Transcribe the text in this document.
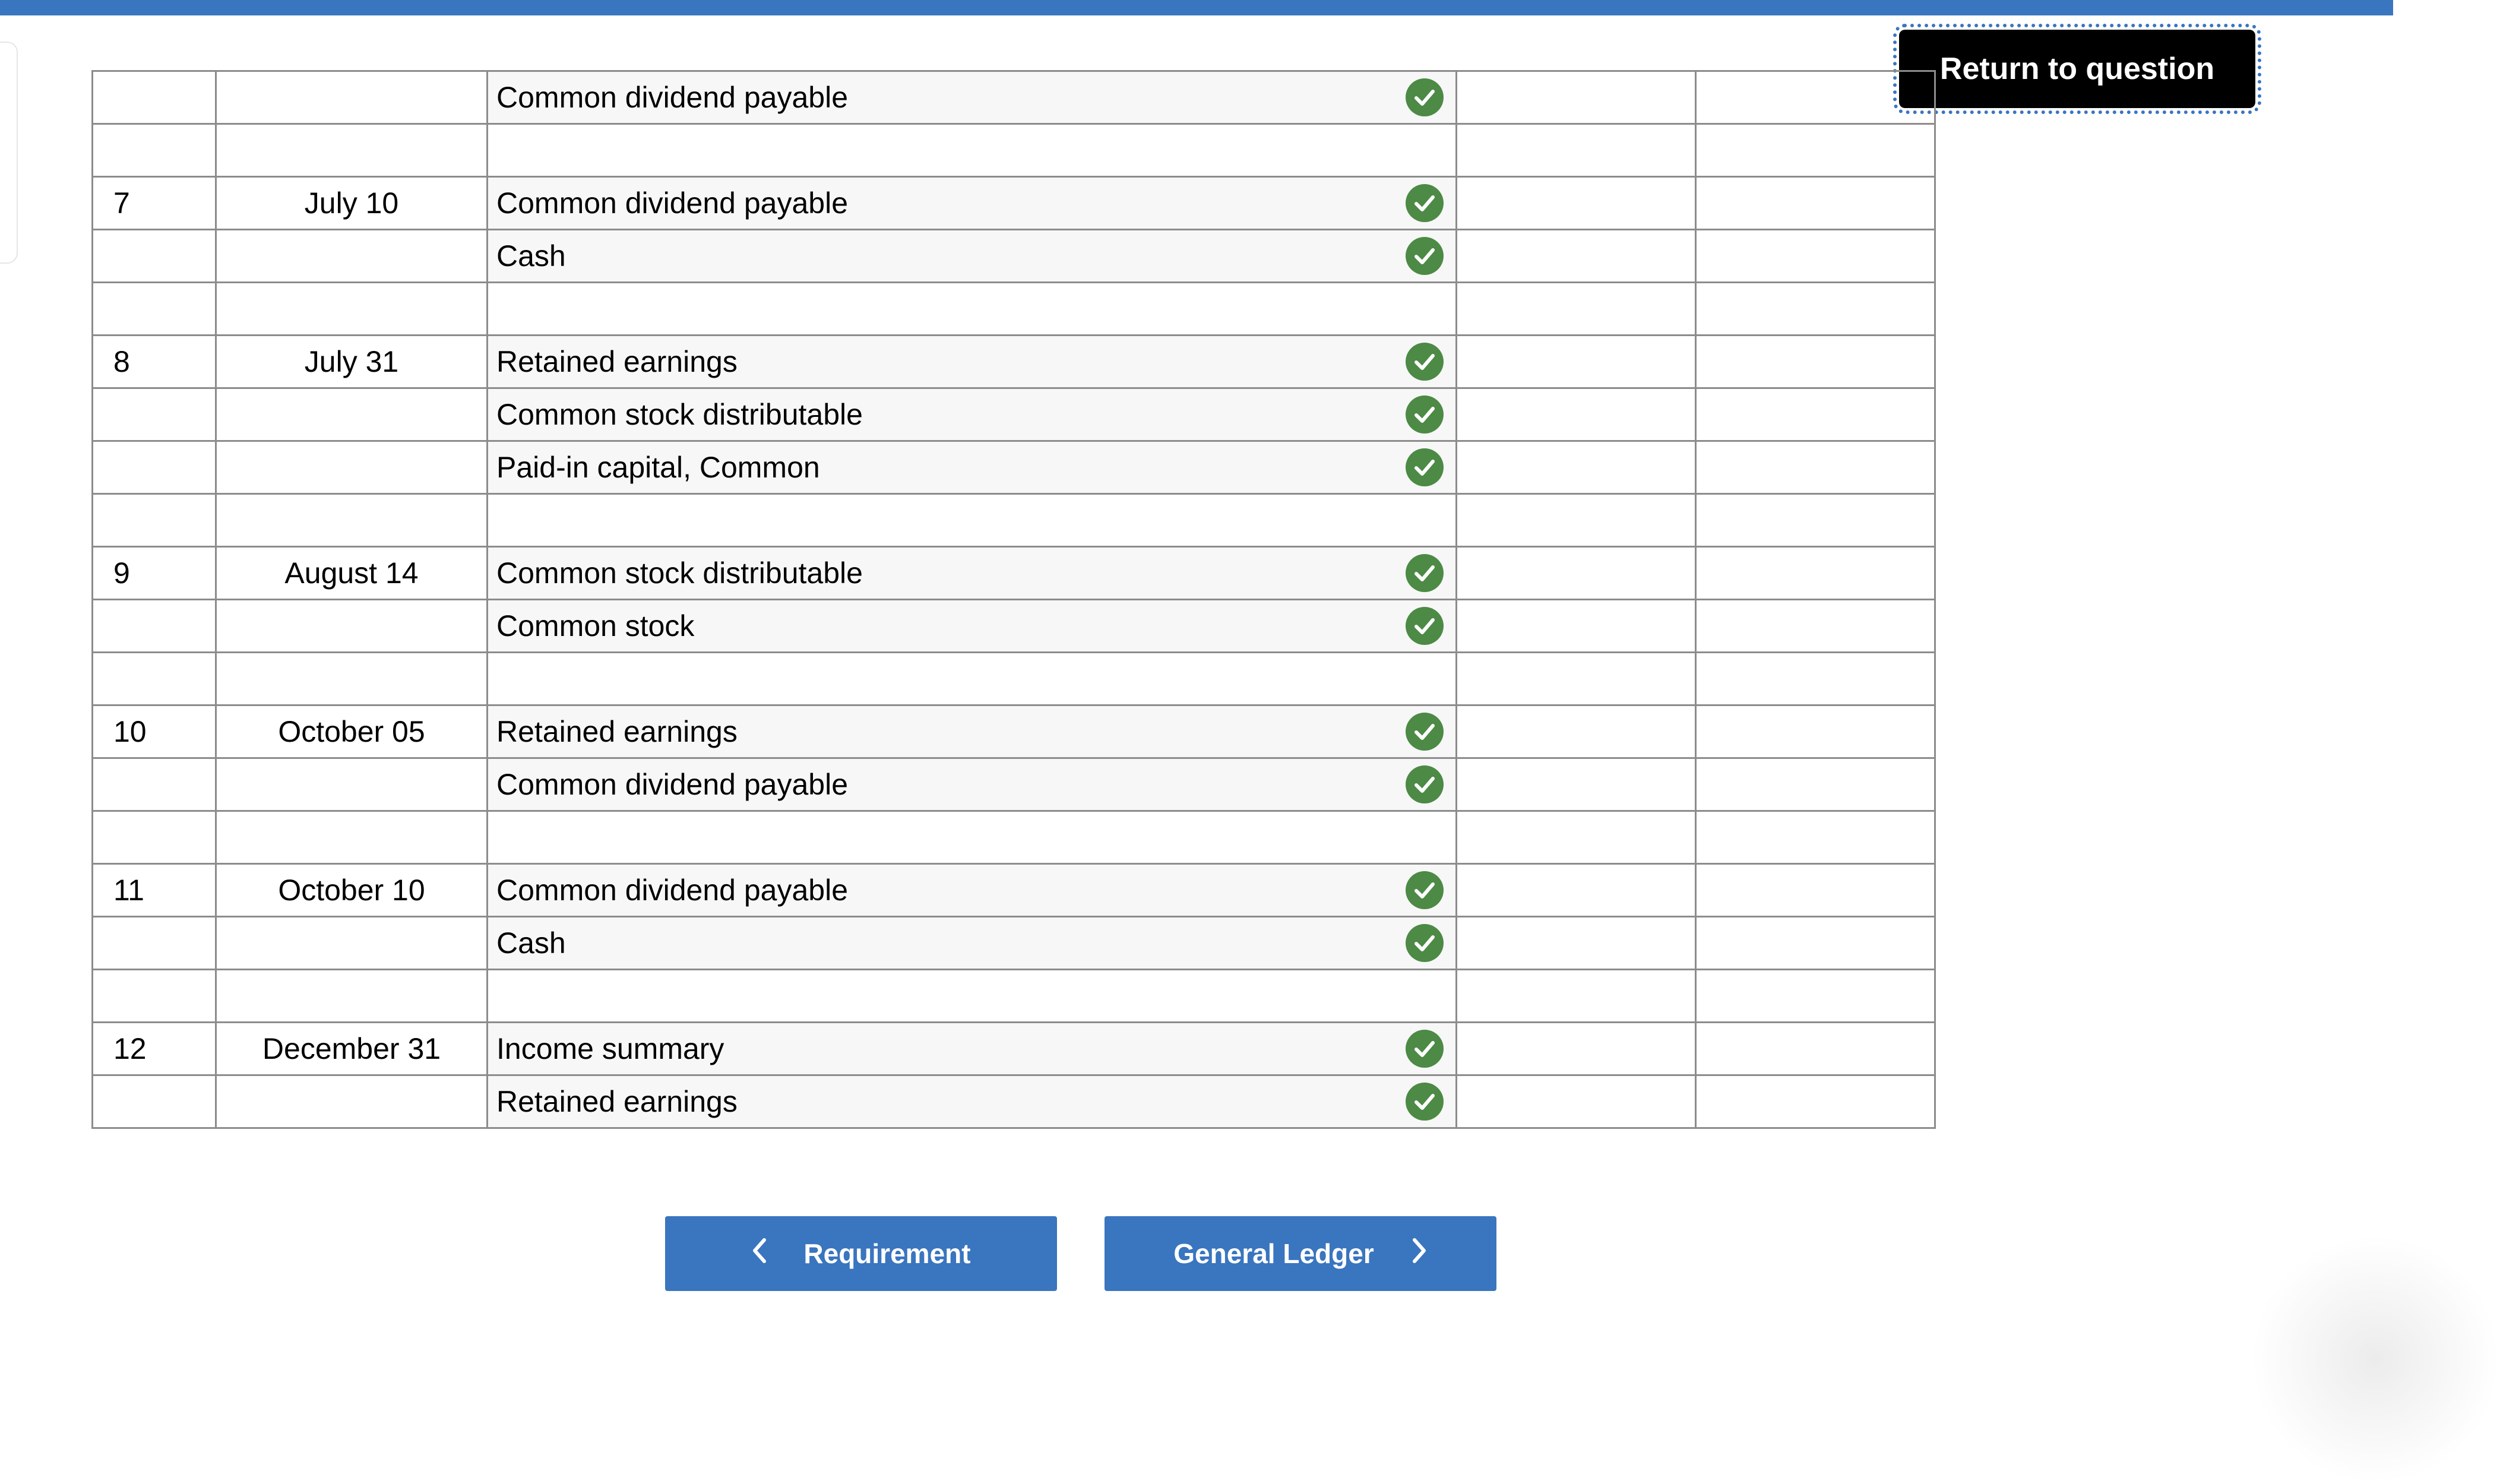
Return to question
		Common dividend payable

7	July 10	Common dividend payable

		Cash

8	July 31	Retained earnings

		Common stock distributable

		Paid-in capital, Common

9	August 14	Common stock distributable

		Common stock

10	October 05	Retained earnings

		Common dividend payable

11	October 10	Common dividend payable

		Cash

12	December 31	Income summary

		Retained earnings

Requirement	General Ledger
